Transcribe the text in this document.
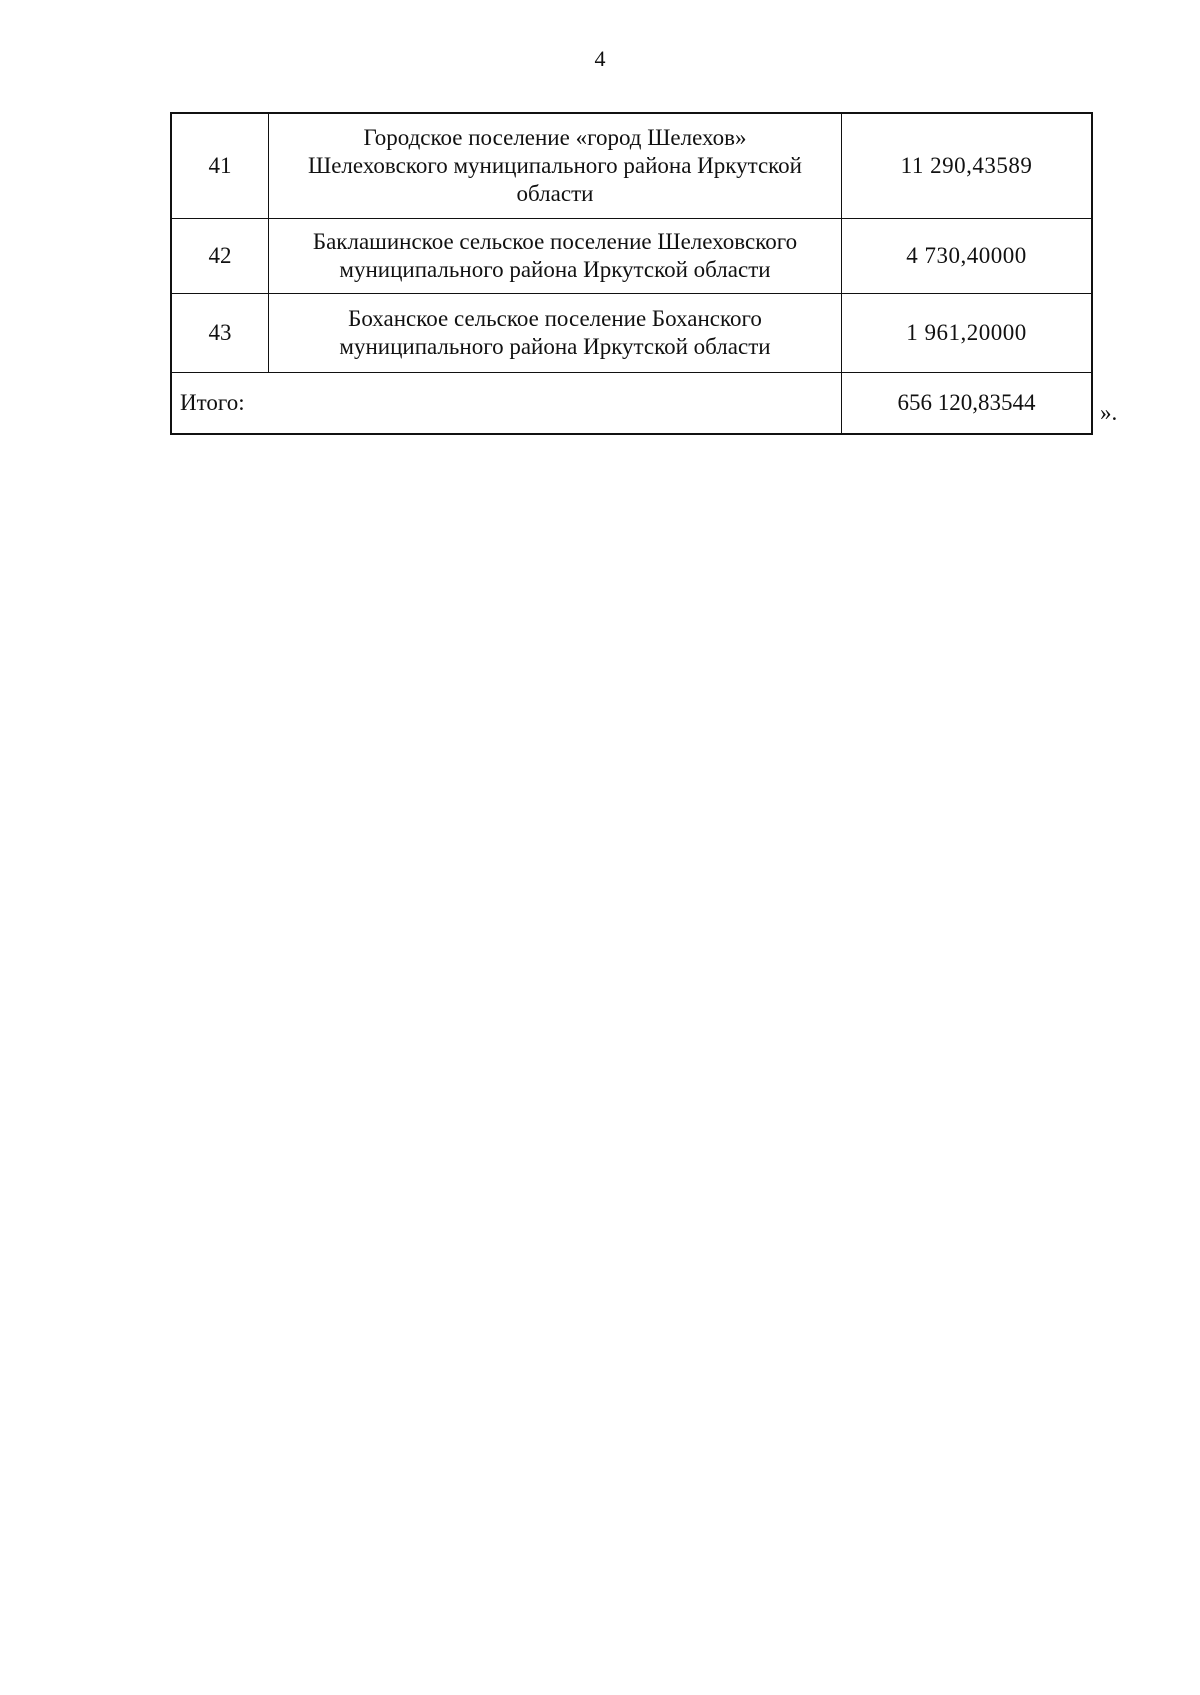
4
41	Городское поселение «город Шелехов»
Шелеховского муниципального района Иркутской
области	11 290,43589
42	Баклашинское сельское поселение Шелеховского
муниципального района Иркутской области	4 730,40000
43	Боханское сельское поселение Боханского
муниципального района Иркутской области	1 961,20000
Итого:		656 120,83544	».
